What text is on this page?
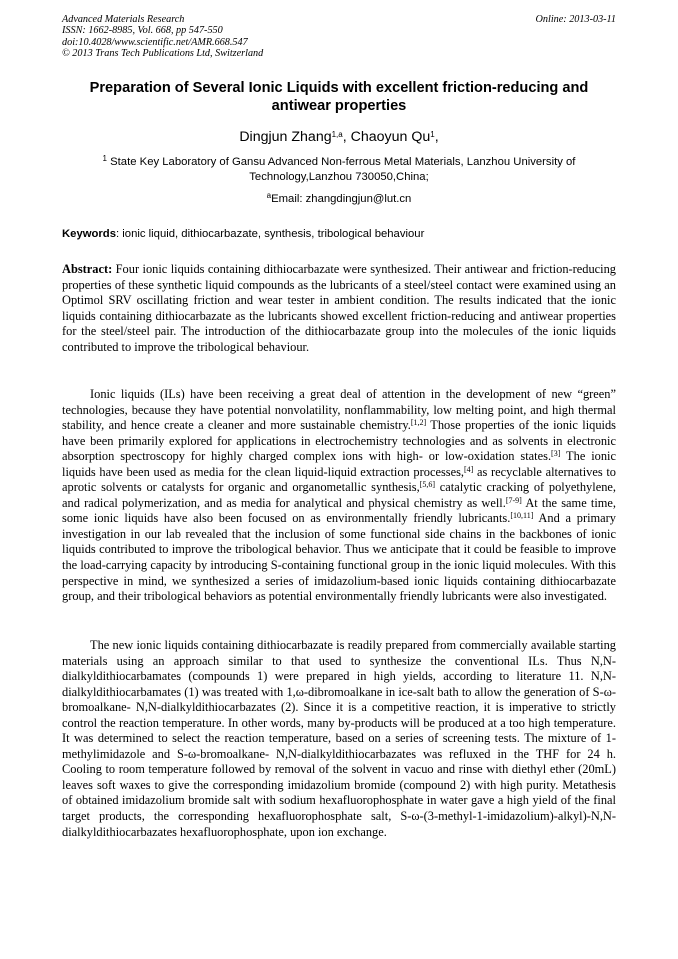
Advanced Materials Research
ISSN: 1662-8985, Vol. 668, pp 547-550
doi:10.4028/www.scientific.net/AMR.668.547
© 2013 Trans Tech Publications Ltd, Switzerland
Online: 2013-03-11
Preparation of Several Ionic Liquids with excellent friction-reducing and antiwear properties
Dingjun Zhang$^{1,a}$, Chaoyun Qu$^1$,
$^1$ State Key Laboratory of Gansu Advanced Non-ferrous Metal Materials, Lanzhou University of Technology,Lanzhou 730050,China;
$^a$Email: zhangdingjun@lut.cn
Keywords: ionic liquid, dithiocarbazate, synthesis, tribological behaviour
Abstract: Four ionic liquids containing dithiocarbazate were synthesized. Their antiwear and friction-reducing properties of these synthetic liquid compounds as the lubricants of a steel/steel contact were examined using an Optimol SRV oscillating friction and wear tester in ambient condition. The results indicated that the ionic liquids containing dithiocarbazate as the lubricants showed excellent friction-reducing and antiwear properties for the steel/steel pair. The introduction of the dithiocarbazate group into the molecules of the ionic liquids contributed to improve the tribological behaviour.
Ionic liquids (ILs) have been receiving a great deal of attention in the development of new “green” technologies, because they have potential nonvolatility, nonflammability, low melting point, and high thermal stability, and hence create a cleaner and more sustainable chemistry.[1,2] Those properties of the ionic liquids have been primarily explored for applications in electrochemistry technologies and as solvents in electronic absorption spectroscopy for highly charged complex ions with high- or low-oxidation states.[3] The ionic liquids have been used as media for the clean liquid-liquid extraction processes,[4] as recyclable alternatives to aprotic solvents or catalysts for organic and organometallic synthesis,[5,6] catalytic cracking of polyethylene, and radical polymerization, and as media for analytical and physical chemistry as well.[7-9] At the same time, some ionic liquids have also been focused on as environmentally friendly lubricants.[10,11] And a primary investigation in our lab revealed that the inclusion of some functional side chains in the backbones of ionic liquids contributed to improve the tribological behavior. Thus we anticipate that it could be feasible to improve the load-carrying capacity by introducing S-containing functional group in the ionic liquid molecules. With this perspective in mind, we synthesized a series of imidazolium-based ionic liquids containing dithiocarbazate group, and their tribological behaviors as potential environmentally friendly lubricants were also investigated.
The new ionic liquids containing dithiocarbazate is readily prepared from commercially available starting materials using an approach similar to that used to synthesize the conventional ILs. Thus N,N-dialkyldithiocarbamates (compounds 1) were prepared in high yields, according to literature 11. N,N-dialkyldithiocarbamates (1) was treated with 1,ω-dibromoalkane in ice-salt bath to allow the generation of S-ω-bromoalkane- N,N-dialkyldithiocarbazates (2). Since it is a competitive reaction, it is imperative to strictly control the reaction temperature. In other words, many by-products will be produced at a too high temperature. It was determined to select the reaction temperature, based on a series of screening tests. The mixture of 1-methylimidazole and S-ω-bromoalkane- N,N-dialkyldithiocarbazates was refluxed in the THF for 24 h. Cooling to room temperature followed by removal of the solvent in vacuo and rinse with diethyl ether (20mL) leaves soft waxes to give the corresponding imidazolium bromide (compound 2) with high purity. Metathesis of obtained imidazolium bromide salt with sodium hexafluorophosphate in water gave a high yield of the final target products, the corresponding hexafluorophosphate salt, S-ω-(3-methyl-1-imidazolium)-alkyl)-N,N-dialkyldithiocarbazates hexafluorophosphate, upon ion exchange.
